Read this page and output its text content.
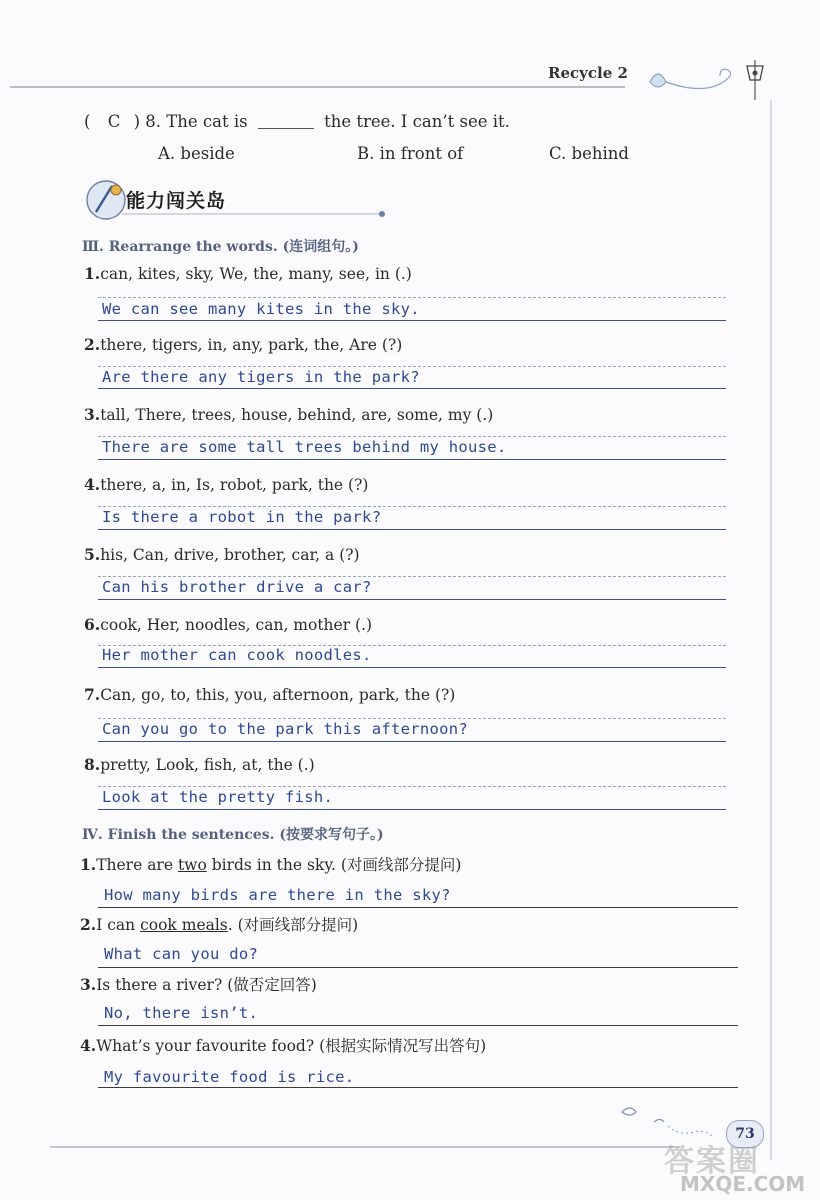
Recycle 2
( C ) 8. The cat is	the tree. I can’t see it.
A. beside	B. in front of	C. behind
能力闯关岛
Ⅲ. Rearrange the words. (连词组句。)
1.can, kites, sky, We, the, many, see, in (.)
We can see many kites in the sky.
2.there, tigers, in, any, park, the, Are (?)
Are there any tigers in the park?
3.tall, There, trees, house, behind, are, some, my (.)
There are some tall trees behind my house.
4.there, a, in, Is, robot, park, the (?)
Is there a robot in the park?
5.his, Can, drive, brother, car, a (?)
Can his brother drive a car?
6.cook, Her, noodles, can, mother (.)
Her mother can cook noodles.
7.Can, go, to, this, you, afternoon, park, the (?)
Can you go to the park this afternoon?
8.pretty, Look, fish, at, the (.)
Look at the pretty fish.
Ⅳ. Finish the sentences. (按要求写句子。)
1.There are two birds in the sky. (对画线部分提问)
How many birds are there in the sky?
2.I can cook meals. (对画线部分提问)
What can you do?
3.Is there a river? (做否定回答)
No, there isn’t.
4.What’s your favourite food? (根据实际情况写出答句)
My favourite food is rice.
73
答案圈
MXQE.COM
